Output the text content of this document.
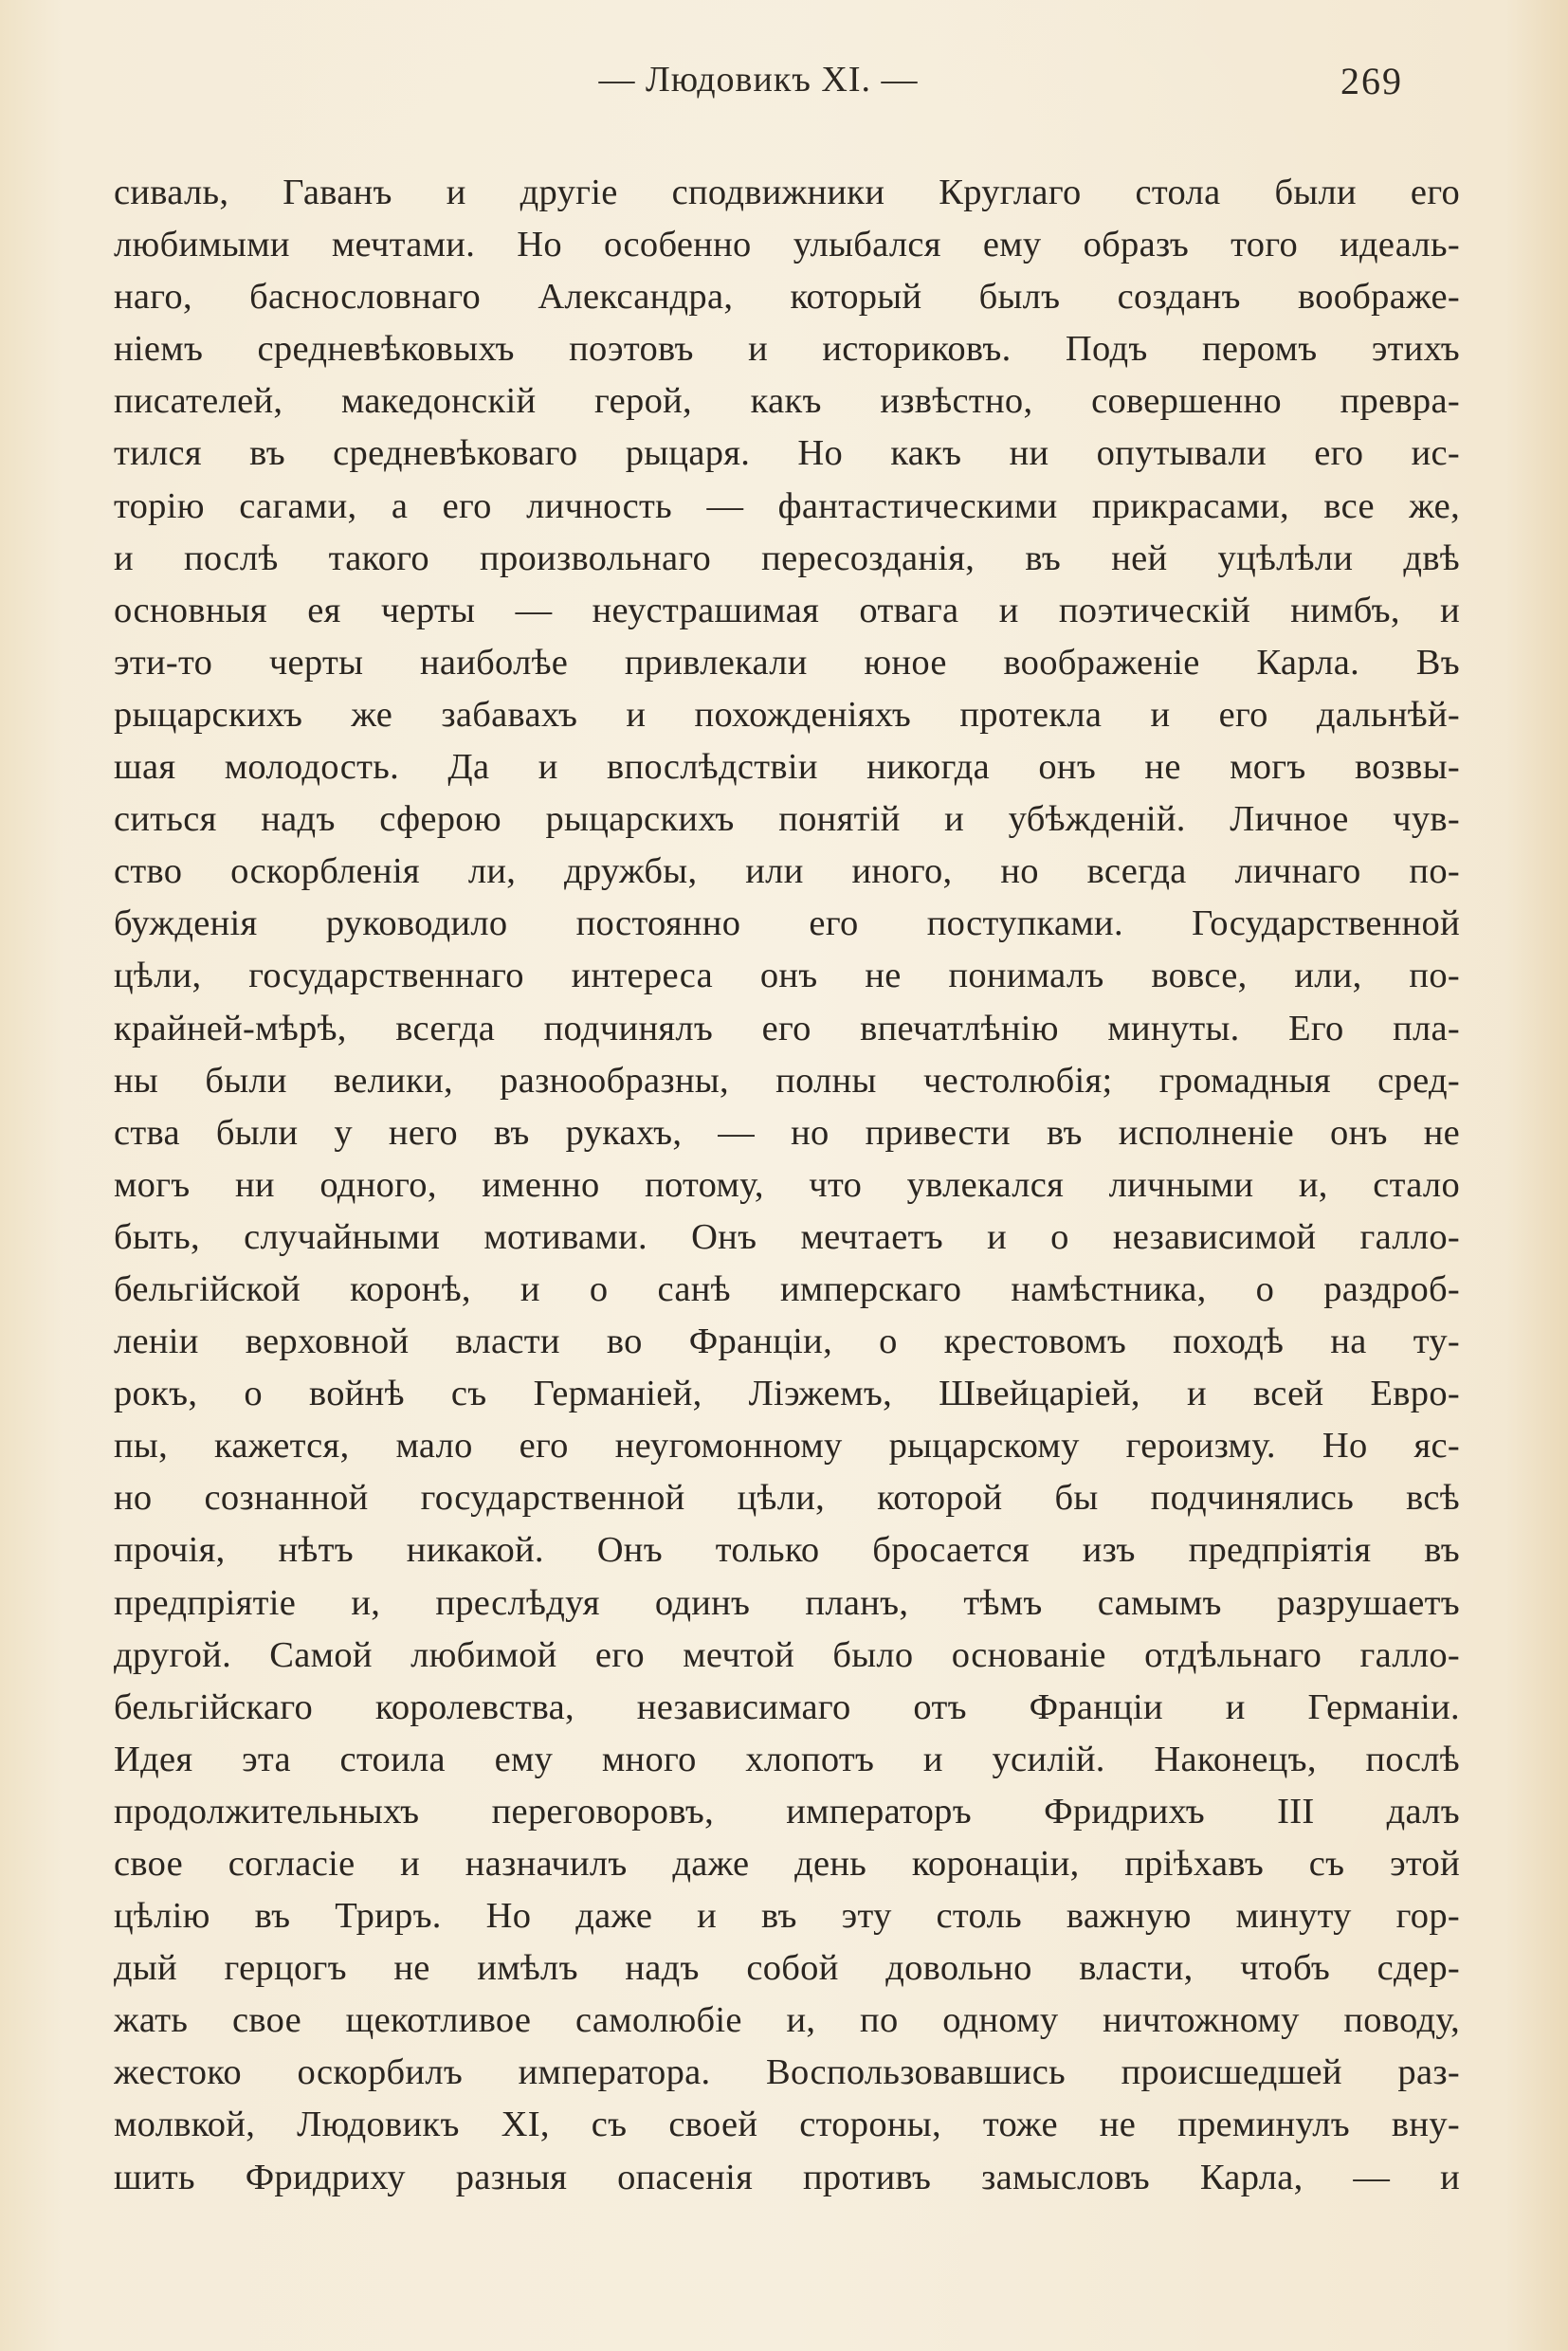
— Людовикъ XI. —	269
сиваль, Гаванъ и другіе сподвижники Круглаго стола были его
любимыми мечтами. Но особенно улыбался ему образъ того идеаль-
наго, баснословнаго Александра, который былъ созданъ воображе-
ніемъ средневѣковыхъ поэтовъ и историковъ. Подъ перомъ этихъ
писателей, македонскій герой, какъ извѣстно, совершенно превра-
тился въ средневѣковаго рыцаря. Но какъ ни опутывали его ис-
торію сагами, а его личность — фантастическими прикрасами, все же,
и послѣ такого произвольнаго пересозданія, въ ней уцѣлѣли двѣ
основныя ея черты — неустрашимая отвага и поэтическій нимбъ, и
эти-то черты наиболѣе привлекали юное воображеніе Карла. Въ
рыцарскихъ же забавахъ и похожденіяхъ протекла и его дальнѣй-
шая молодость. Да и впослѣдствіи никогда онъ не могъ возвы-
ситься надъ сферою рыцарскихъ понятій и убѣжденій. Личное чув-
ство оскорбленія ли, дружбы, или иного, но всегда личнаго по-
бужденія руководило постоянно его поступками. Государственной
цѣли, государственнаго интереса онъ не понималъ вовсе, или, по-
крайней-мѣрѣ, всегда подчинялъ его впечатлѣнію минуты. Его пла-
ны были велики, разнообразны, полны честолюбія; громадныя сред-
ства были у него въ рукахъ, — но привести въ исполненіе онъ не
могъ ни одного, именно потому, что увлекался личными и, стало
быть, случайными мотивами. Онъ мечтаетъ и о независимой галло-
бельгійской коронѣ, и о санѣ имперскаго намѣстника, о раздроб-
леніи верховной власти во Франціи, о крестовомъ походѣ на ту-
рокъ, о войнѣ съ Германіей, Ліэжемъ, Швейцаріей, и всей Евро-
пы, кажется, мало его неугомонному рыцарскому героизму. Но яс-
но сознанной государственной цѣли, которой бы подчинялись всѣ
прочія, нѣтъ никакой. Онъ только бросается изъ предпріятія въ
предпріятіе и, преслѣдуя одинъ планъ, тѣмъ самымъ разрушаетъ
другой. Самой любимой его мечтой было основаніе отдѣльнаго галло-
бельгійскаго королевства, независимаго отъ Франціи и Германіи.
Идея эта стоила ему много хлопотъ и усилій. Наконецъ, послѣ
продолжительныхъ переговоровъ, императоръ Фридрихъ III далъ
свое согласіе и назначилъ даже день коронаціи, пріѣхавъ съ этой
цѣлію въ Триръ. Но даже и въ эту столь важную минуту гор-
дый герцогъ не имѣлъ надъ собой довольно власти, чтобъ сдер-
жать свое щекотливое самолюбіе и, по одному ничтожному поводу,
жестоко оскорбилъ императора. Воспользовавшись происшедшей раз-
молвкой, Людовикъ XI, съ своей стороны, тоже не преминулъ вну-
шить Фридриху разныя опасенія противъ замысловъ Карла, — и
